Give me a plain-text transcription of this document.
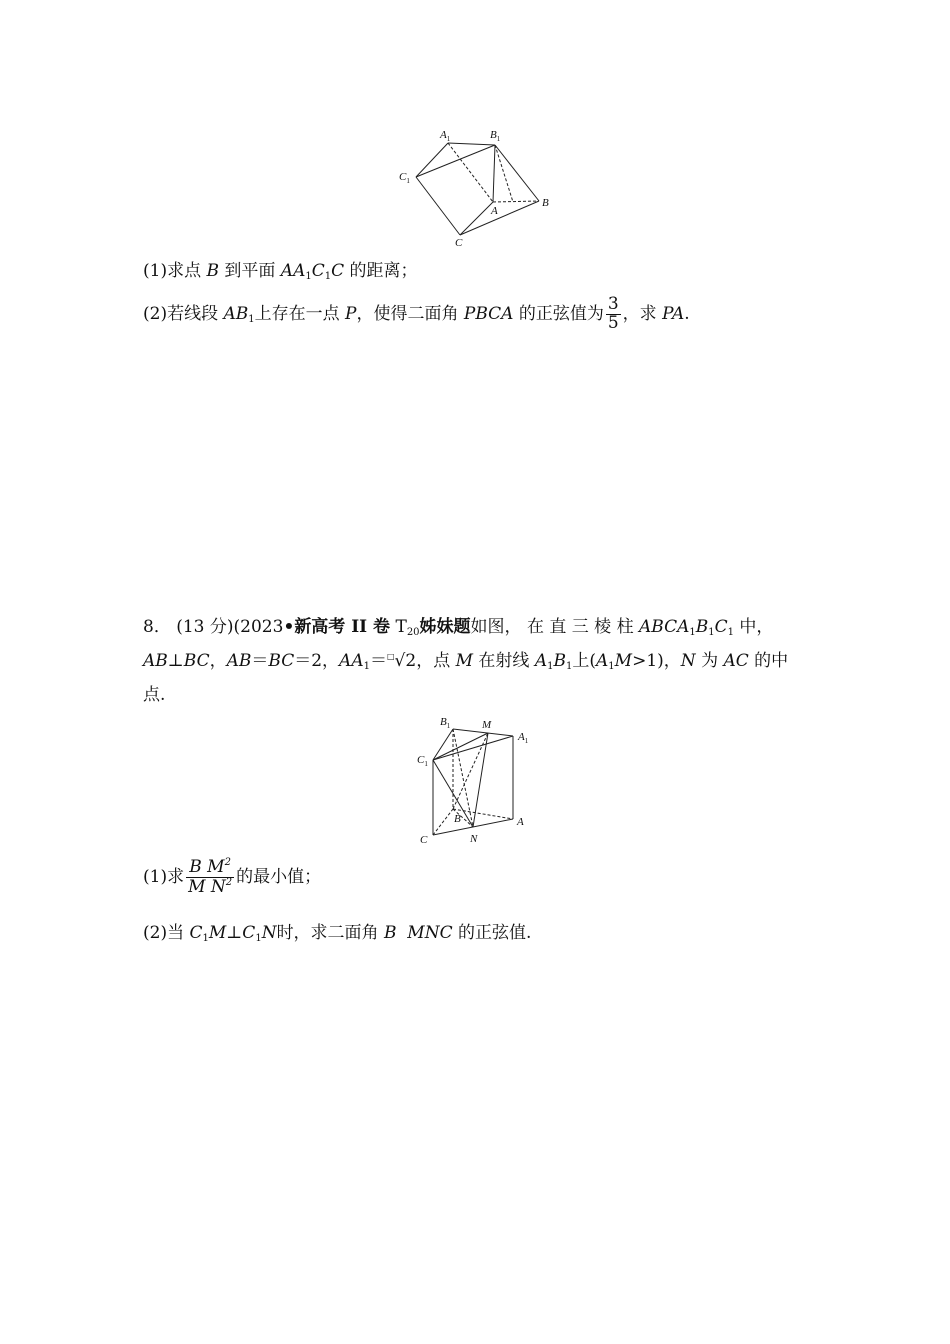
$A_1$	$B_1$
$C_1$
A
B
C
(1)求点 B 到平面 $AA_1C_1C$ 的距离；
(2)若线段 $AB_1$上存在一点 P，使得二面角 PBCA 的正弦值为 $\frac{3}{5}$ ，求 PA.
8． (13 分)(2023•新高考 II 卷 $T_{20}$姊妹题如图， 在 直 三 棱 柱 $ABCA_1B_1C_1$ 中，
AB⊥BC，AB＝BC＝2，$AA_1=^□√2$，点 M 在射线 $A_1B_1$上$(A_1M>1)$，N 为 AC 的中
点.
$B_1$	M
$A_1$
$C_1$
B	A
C	N
(1)求 $\frac{B M^2}{M N^2}$ 的最小值；
(2)当 $C_1M\perp C_1N$时，求二面角 B MNC 的正弦值.
